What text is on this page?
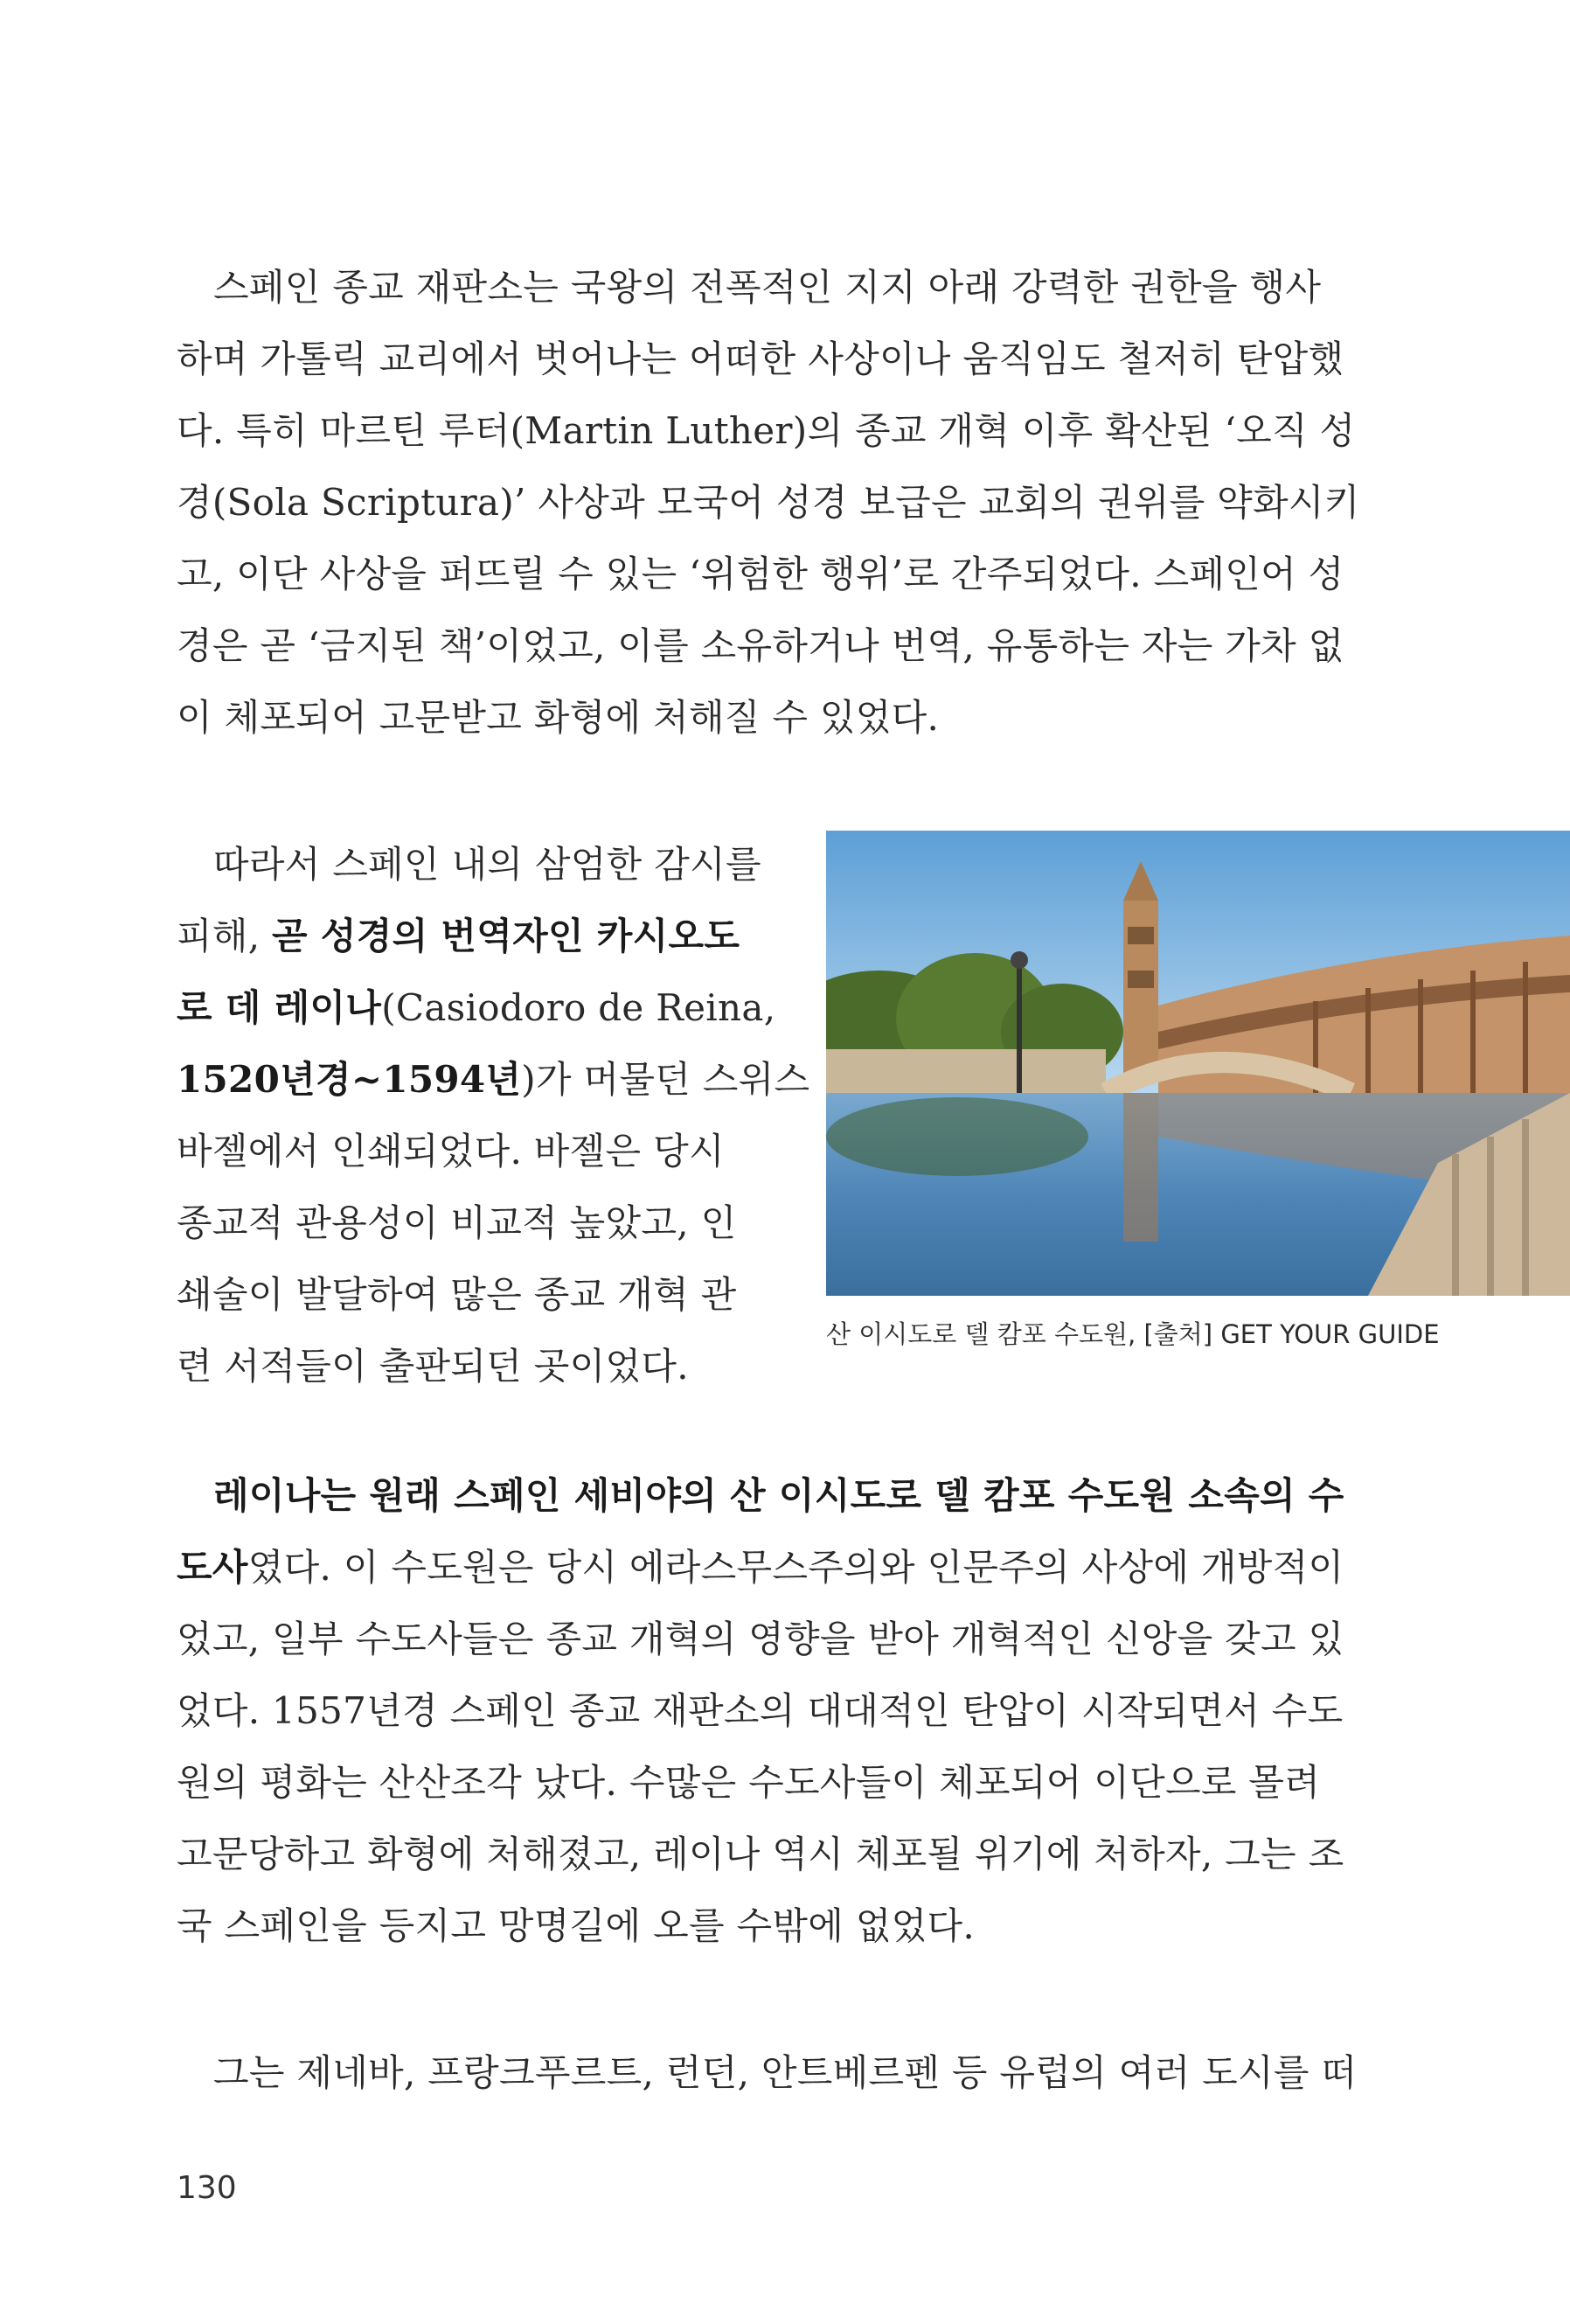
스페인 종교 재판소는 국왕의 전폭적인 지지 아래 강력한 권한을 행사
하며 가톨릭 교리에서 벗어나는 어떠한 사상이나 움직임도 철저히 탄압했
다. 특히 마르틴 루터(Martin Luther)의 종교 개혁 이후 확산된 ‘오직 성
경(Sola Scriptura)’ 사상과 모국어 성경 보급은 교회의 권위를 약화시키
고, 이단 사상을 퍼뜨릴 수 있는 ‘위험한 행위’로 간주되었다. 스페인어 성
경은 곧 ‘금지된 책’이었고, 이를 소유하거나 번역, 유통하는 자는 가차 없
이 체포되어 고문받고 화형에 처해질 수 있었다.
따라서 스페인 내의 삼엄한 감시를
피해, 곧 성경의 번역자인 카시오도
로 데 레이나(Casiodoro de Reina,
1520년경~1594년)가 머물던 스위스
바젤에서 인쇄되었다. 바젤은 당시
종교적 관용성이 비교적 높았고, 인
쇄술이 발달하여 많은 종교 개혁 관
련 서적들이 출판되던 곳이었다.
산 이시도로 델 캄포 수도원, [출처] GET YOUR GUIDE
레이나는 원래 스페인 세비야의 산 이시도로 델 캄포 수도원 소속의 수
도사였다. 이 수도원은 당시 에라스무스주의와 인문주의 사상에 개방적이
었고, 일부 수도사들은 종교 개혁의 영향을 받아 개혁적인 신앙을 갖고 있
었다. 1557년경 스페인 종교 재판소의 대대적인 탄압이 시작되면서 수도
원의 평화는 산산조각 났다. 수많은 수도사들이 체포되어 이단으로 몰려
고문당하고 화형에 처해졌고, 레이나 역시 체포될 위기에 처하자, 그는 조
국 스페인을 등지고 망명길에 오를 수밖에 없었다.
그는 제네바, 프랑크푸르트, 런던, 안트베르펜 등 유럽의 여러 도시를 떠
130
